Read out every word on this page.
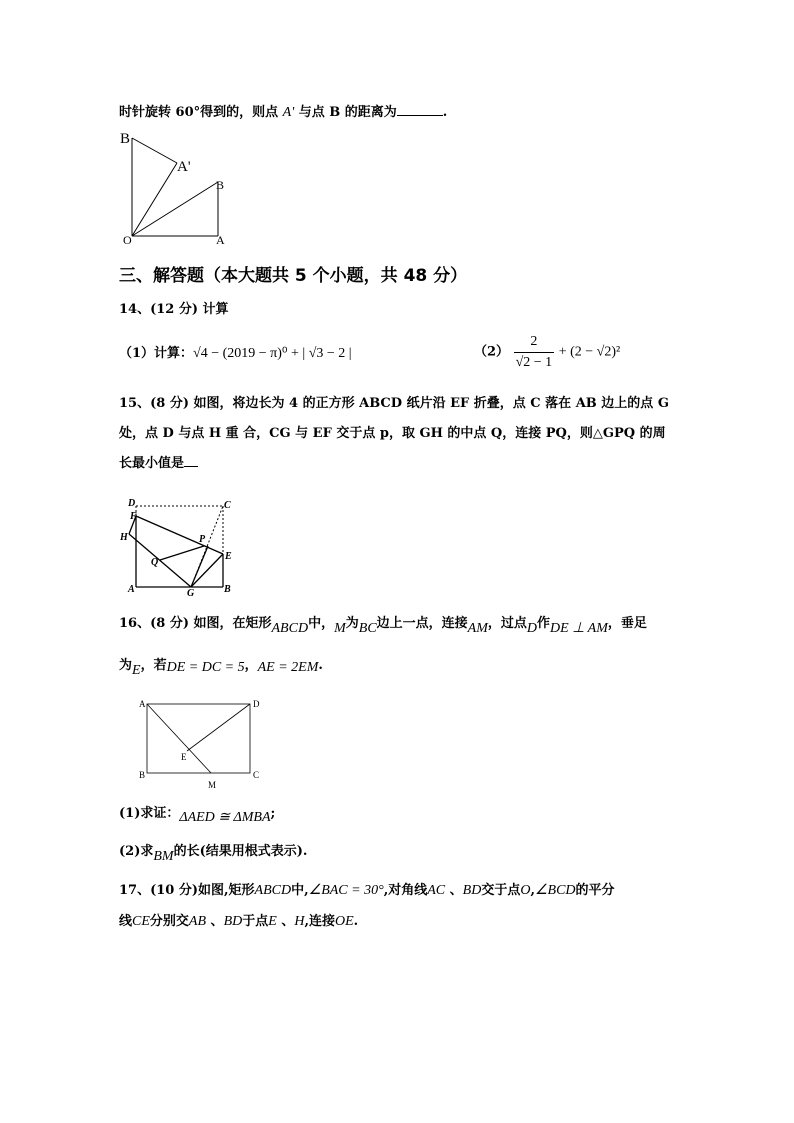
时针旋转 60°得到的，则点 A' 与点 B 的距离为	.
B
A'
B
O	A
三、解答题（本大题共 5 个小题，共 48 分）
14、(12 分) 计算
（1）计算：√4 − (2019 − π)⁰ + | √3 − 2 |	$(2) \frac{2}{√2 - 1} + (2 - √2)^2$
15、(8 分) 如图，将边长为 4 的正方形 ABCD 纸片沿 EF 折叠，点 C 落在 AB 边上的点 G
处，点 D 与点 H 重 合，CG 与 EF 交于点 p，取 GH 的中点 Q，连接 PQ，则△GPQ 的周
长最小值是
D	C
F
H	P
E
Q
A	G	B
16、(8 分) 如图，在矩形ABCD中，M为BC边上一点，连接AM，过点D作DE ⊥ AM，垂足
为E，若DE = DC = 5，AE = 2EM.
A	D
E
B	C
M
(1)求证：ΔAED ≅ ΔMBA;
(2)求BM的长(结果用根式表示).
17、(10 分)如图,矩形ABCD中,∠BAC = 30°,对角线AC 、BD交于点O,∠BCD的平分
线CE分别交AB 、BD于点E 、H,连接OE.
